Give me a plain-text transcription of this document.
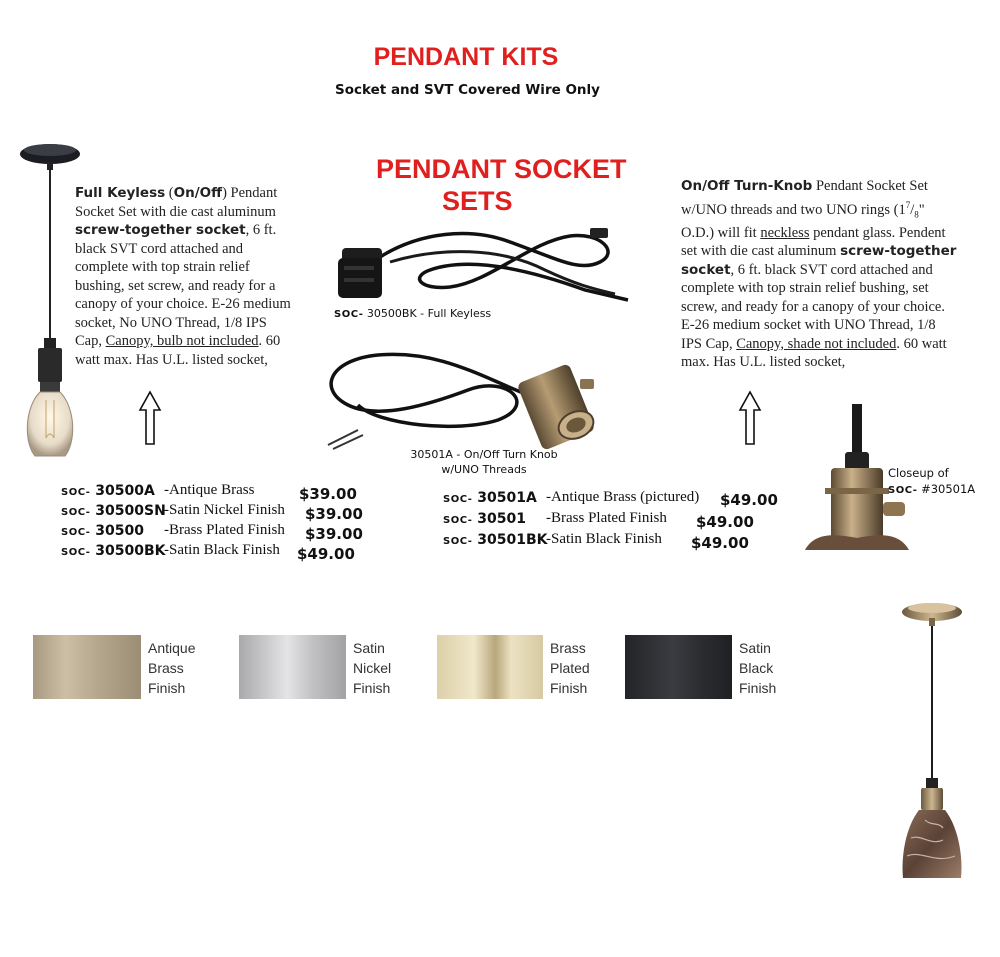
PENDANT KITS
Socket and SVT Covered Wire Only
PENDANT SOCKET
SETS
Full Keyless (On/Off) Pendant Socket Set with die cast aluminum screw-together socket, 6 ft. black SVT cord attached and complete with top strain relief bushing, set screw, and ready for a canopy of your choice. E-26 medium socket, No UNO Thread, 1/8 IPS Cap, Canopy, bulb not included. 60 watt max. Has U.L. listed socket,
SOC- 30500BK - Full Keyless
30501A - On/Off Turn Knob
w/UNO Threads
On/Off Turn-Knob Pendant Socket Set w/UNO threads and two UNO rings ($1^7/_8$" O.D.) will fit neckless pendant glass. Pendent set with die cast aluminum screw-together socket, 6 ft. black SVT cord attached and complete with top strain relief bushing, set screw, and ready for a canopy of your choice. E-26 medium socket with UNO Thread, 1/8 IPS Cap, Canopy, shade not included. 60 watt max. Has U.L. listed socket,
Closeup of
SOC- #30501A
SOC- 30500A -Antique Brass	$39.00
SOC- 30500SN
-Satin Nickel Finish $39.00
SOC- 30500 -Brass Plated Finish $39.00
SOC- 30500BK
-Satin Black Finish $49.00
SOC- 30501A -Antique Brass (pictured) $49.00
SOC- 30501 -Brass Plated Finish $49.00
SOC- 30501BK
-Satin Black Finish $49.00
Antique
Brass
Finish
Satin
Nickel
Finish
Brass
Plated
Finish
Satin
Black
Finish
